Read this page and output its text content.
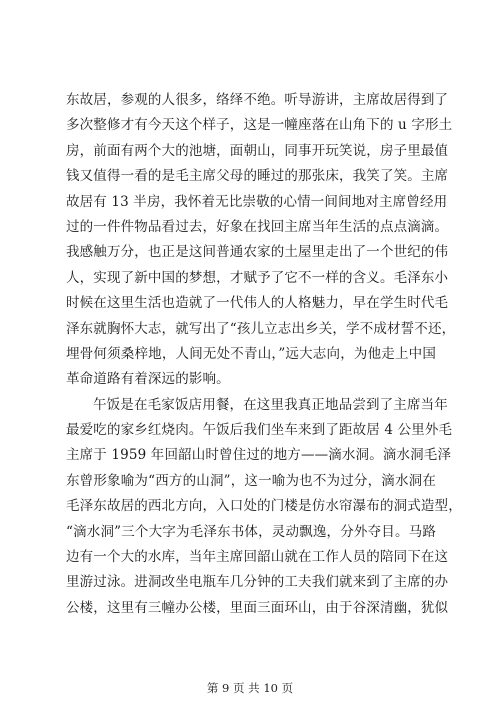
东故居，参观的人很多，络绎不绝。听导游讲，主席故居得到了
多次整修才有今天这个样子，这是一幢座落在山角下的 u 字形土
房，前面有两个大的池塘，面朝山，同事开玩笑说，房子里最值
钱又值得一看的是毛主席父母的睡过的那张床，我笑了笑。主席
故居有 13 半房，我怀着无比崇敬的心情一间间地对主席曾经用
过的一件件物品看过去，好象在找回主席当年生活的点点滴滴。
我感触万分，也正是这间普通农家的土屋里走出了一个世纪的伟
人，实现了新中国的梦想，才赋予了它不一样的含义。毛泽东小
时候在这里生活也造就了一代伟人的人格魅力，早在学生时代毛
泽东就胸怀大志，就写出了“孩儿立志出乡关，学不成材誓不还，
埋骨何须桑梓地，人间无处不青山，”远大志向，为他走上中国
革命道路有着深远的影响。
午饭是在毛家饭店用餐，在这里我真正地品尝到了主席当年
最爱吃的家乡红烧肉。午饭后我们坐车来到了距故居 4 公里外毛
主席于 1959 年回韶山时曾住过的地方——滴水洞。滴水洞毛泽
东曾形象喻为“西方的山洞”，这一喻为也不为过分，滴水洞在
毛泽东故居的西北方向，入口处的门楼是仿水帘瀑布的洞式造型，
“滴水洞”三个大字为毛泽东书体，灵动飘逸，分外夺目。马路
边有一个大的水库，当年主席回韶山就在工作人员的陪同下在这
里游过泳。进洞改坐电瓶车几分钟的工夫我们就来到了主席的办
公楼，这里有三幢办公楼，里面三面环山，由于谷深清幽，犹似
第 9 页 共 10 页
